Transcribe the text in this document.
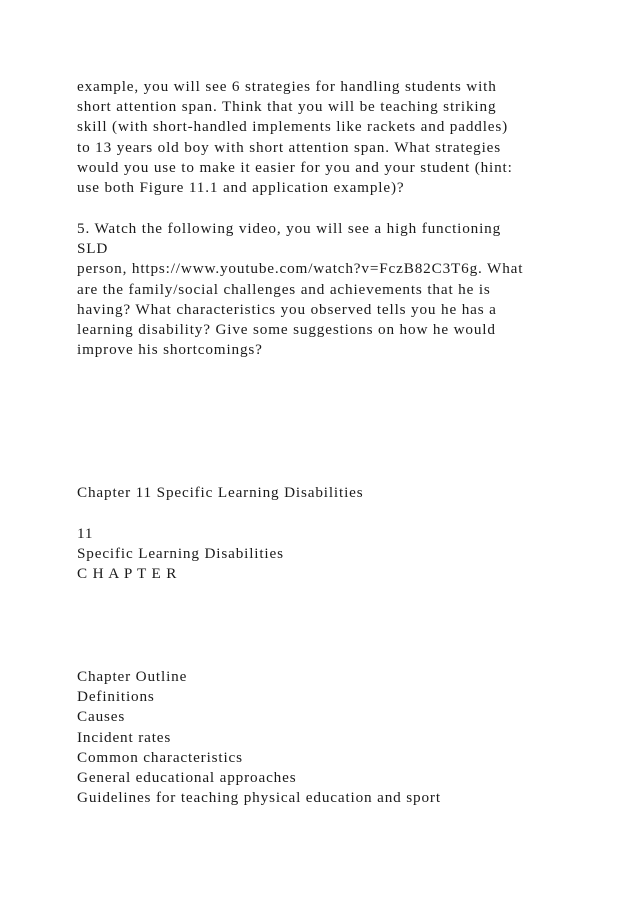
example, you will see 6 strategies for handling students with
short attention span. Think that you will be teaching striking
skill (with short-handled implements like rackets and paddles)
to 13 years old boy with short attention span. What strategies
would you use to make it easier for you and your student (hint:
use both Figure 11.1 and application example)?
5. Watch the following video, you will see a high functioning
SLD
person, https://www.youtube.com/watch?v=FczB82C3T6g. What
are the family/social challenges and achievements that he is
having? What characteristics you observed tells you he has a
learning disability? Give some suggestions on how he would
improve his shortcomings?
Chapter 11 Specific Learning Disabilities
11
Specific Learning Disabilities
C H A P T E R
Chapter Outline
Definitions
Causes
Incident rates
Common characteristics
General educational approaches
Guidelines for teaching physical education and sport
